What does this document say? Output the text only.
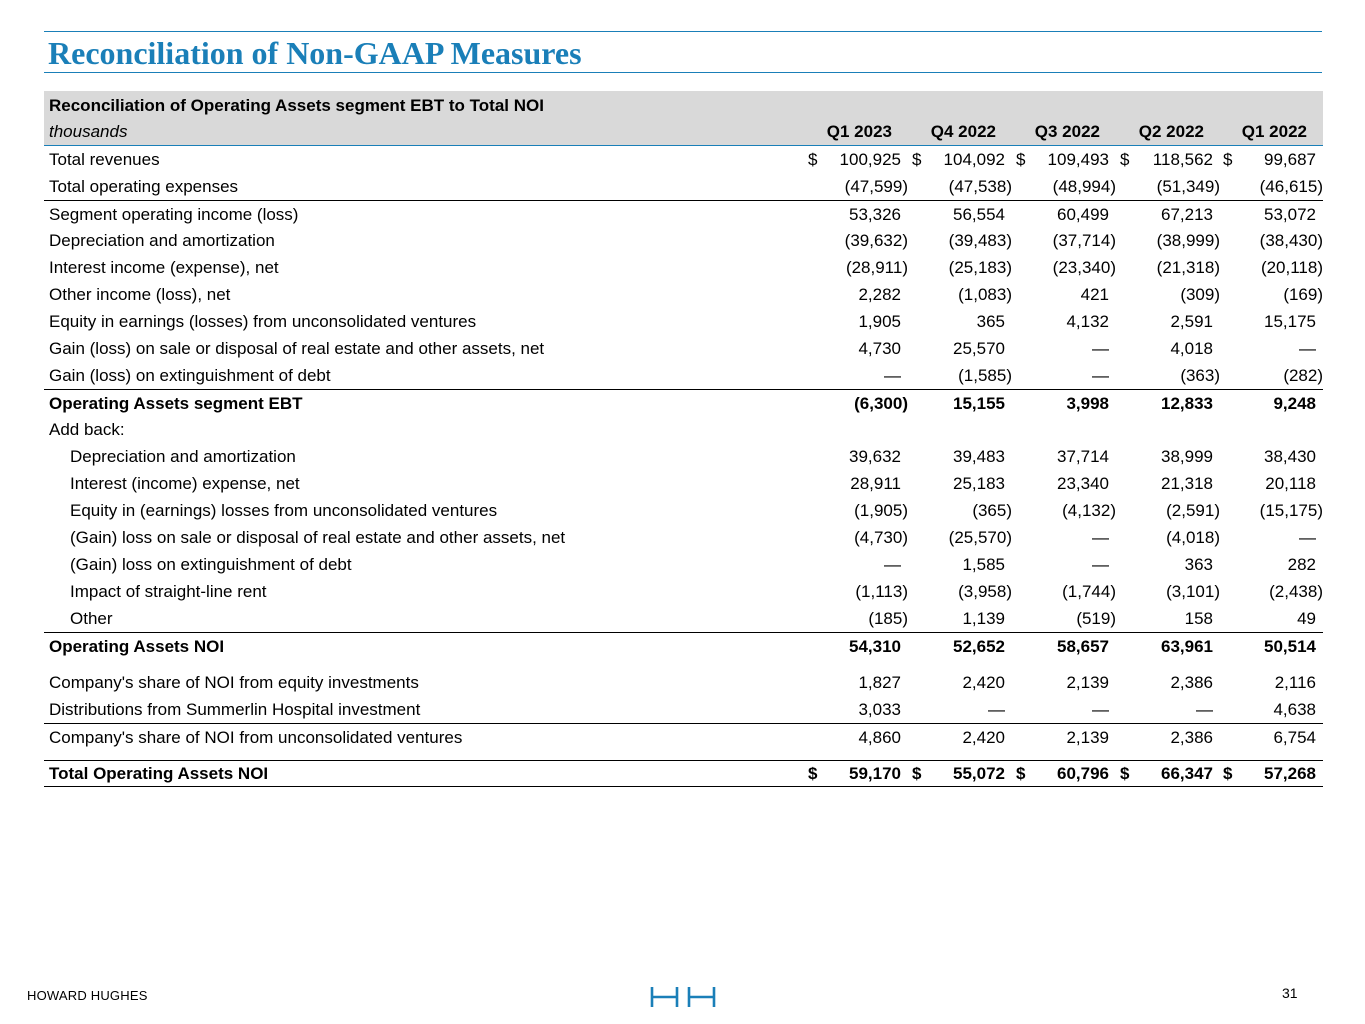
Reconciliation of Non-GAAP Measures
Reconciliation of Operating Assets segment EBT to Total NOI
thousands	Q1 2023	Q4 2022	Q3 2022	Q2 2022	Q1 2022
Total revenues	$ 100,925 $ 104,092 $ 109,493 $ 118,562 $ 99,687
Total operating expenses	(47,599) (47,538) (48,994) (51,349) (46,615)
Segment operating income (loss)	53,326	56,554	60,499	67,213	53,072
Depreciation and amortization	(39,632) (39,483) (37,714) (38,999) (38,430)
Interest income (expense), net	(28,911) (25,183) (23,340) (21,318) (20,118)
Other income (loss), net	2,282	(1,083)	421	(309)	(169)
Equity in earnings (losses) from unconsolidated ventures	1,905	365	4,132	2,591	15,175
Gain (loss) on sale or disposal of real estate and other assets, net	4,730	25,570	—	4,018	—
Gain (loss) on extinguishment of debt	—	(1,585)	—	(363)	(282)
Operating Assets segment EBT	(6,300)	15,155	3,998	12,833	9,248
Add back:
Depreciation and amortization	39,632	39,483	37,714	38,999	38,430
Interest (income) expense, net	28,911	25,183	23,340	21,318	20,118
Equity in (earnings) losses from unconsolidated ventures	(1,905)	(365)	(4,132)	(2,591) (15,175)
(Gain) loss on sale or disposal of real estate and other assets, net	(4,730) (25,570)	—	(4,018)	—
(Gain) loss on extinguishment of debt	—	1,585	—	363	282
Impact of straight-line rent	(1,113)	(3,958)	(1,744)	(3,101)	(2,438)
Other	(185)	1,139	(519)	158	49
Operating Assets NOI	54,310	52,652	58,657	63,961	50,514
Company's share of NOI from equity investments	1,827	2,420	2,139	2,386	2,116
Distributions from Summerlin Hospital investment	3,033	—	—	—	4,638
Company's share of NOI from unconsolidated ventures	4,860	2,420	2,139	2,386	6,754
Total Operating Assets NOI	$ 59,170 $ 55,072 $ 60,796 $ 66,347 $ 57,268
HOWARD HUGHES	31
